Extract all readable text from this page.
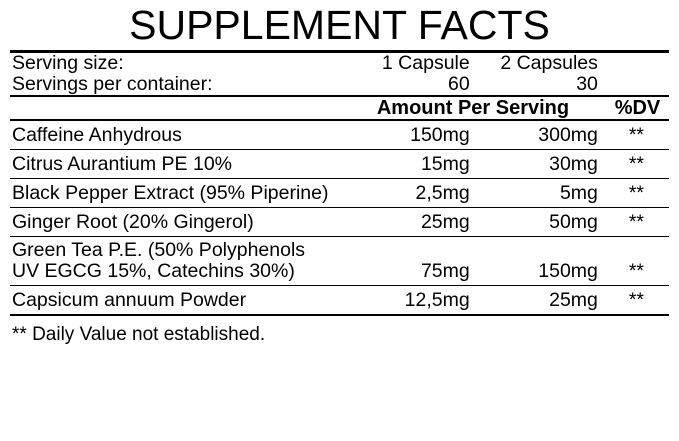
SUPPLEMENT FACTS
Serving size:	1 Capsule	2 Capsules	
Servings per container:	60	30	
	Amount Per Serving	%DV
Caffeine Anhydrous	150mg	300mg	**
Citrus Aurantium PE 10%	15mg	30mg	**
Black Pepper Extract (95% Piperine)	2,5mg	5mg	**
Ginger Root (20% Gingerol)	25mg	50mg	**

Green Tea P.E. (50% Polyphenols
UV EGCG 15%, Catechins 30%)	75mg	150mg	**
Capsicum annuum Powder	12,5mg	25mg	**
** Daily Value not established.
